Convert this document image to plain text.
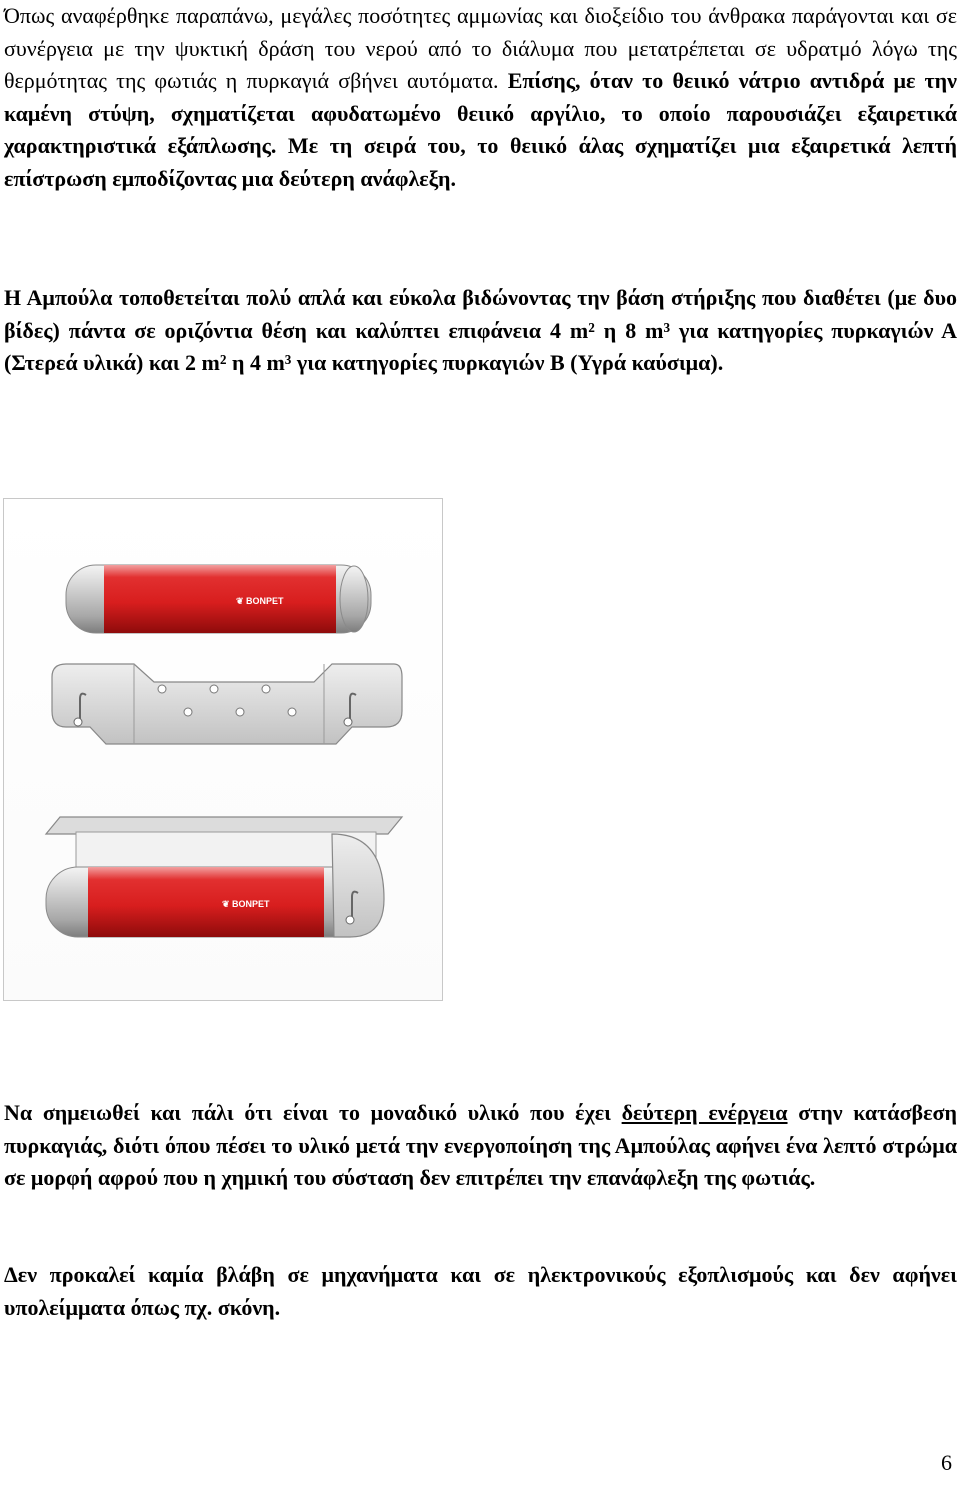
Όπως αναφέρθηκε παραπάνω, μεγάλες ποσότητες αμμωνίας και διοξείδιο του άνθρακα παράγονται και σε συνέργεια με την ψυκτική δράση του νερού από το διάλυμα που μετατρέπεται σε υδρατμό λόγω της θερμότητας της φωτιάς η πυρκαγιά σβήνει αυτόματα. Επίσης, όταν το θειικό νάτριο αντιδρά με την καμένη στύψη, σχηματίζεται αφυδατωμένο θειικό αργίλιο, το οποίο παρουσιάζει εξαιρετικά χαρακτηριστικά εξάπλωσης. Με τη σειρά του, το θειικό άλας σχηματίζει μια εξαιρετικά λεπτή επίστρωση εμποδίζοντας μια δεύτερη ανάφλεξη.

Η Αμπούλα τοποθετείται πολύ απλά και εύκολα βιδώνοντας την βάση στήριξης που διαθέτει (με δυο βίδες) πάντα σε οριζόντια θέση και καλύπτει επιφάνεια 4 m² η 8 m³ για κατηγορίες πυρκαγιών Α (Στερεά υλικά) και 2 m² η 4 m³ για κατηγορίες πυρκαγιών Β (Υγρά καύσιμα).

❦ BONPET
❦ BONPET

Να σημειωθεί και πάλι ότι είναι το μοναδικό υλικό που έχει δεύτερη ενέργεια στην κατάσβεση πυρκαγιάς, διότι όπου πέσει το υλικό μετά την ενεργοποίηση της Αμπούλας αφήνει ένα λεπτό στρώμα σε μορφή αφρού που η χημική του σύσταση δεν επιτρέπει την επανάφλεξη της φωτιάς.

Δεν προκαλεί καμία βλάβη σε μηχανήματα και σε ηλεκτρονικούς εξοπλισμούς και δεν αφήνει υπολείμματα όπως πχ. σκόνη.

6
